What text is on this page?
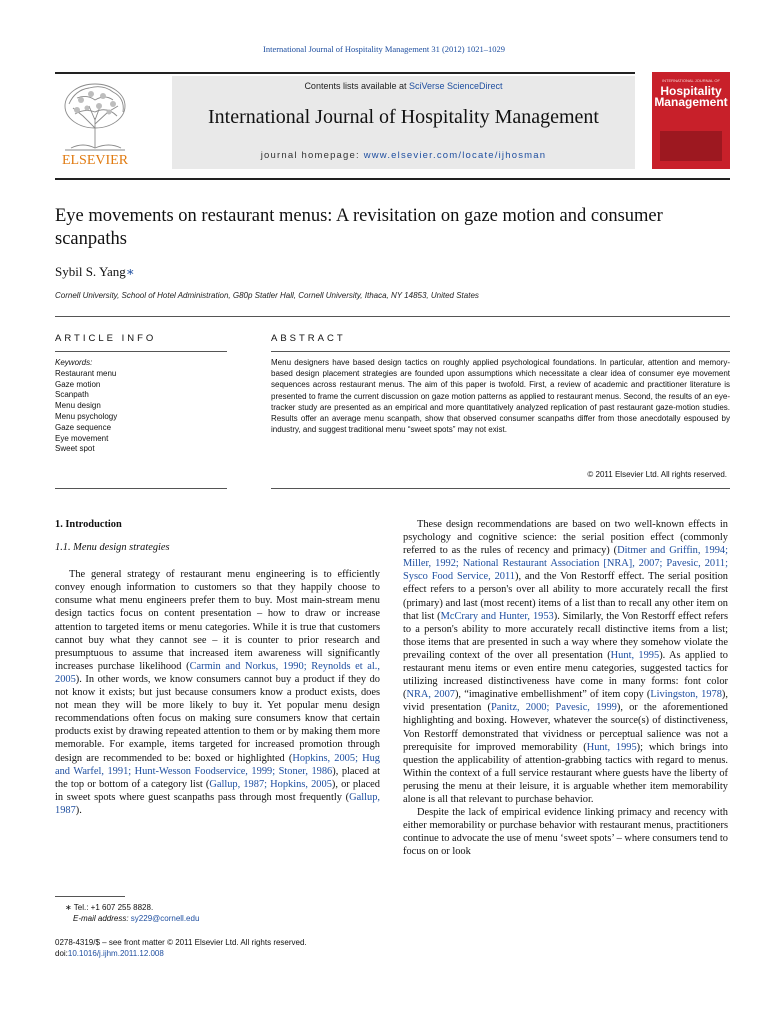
International Journal of Hospitality Management 31 (2012) 1021–1029
ELSEVIER
Contents lists available at SciVerse ScienceDirect
International Journal of Hospitality Management
journal homepage: www.elsevier.com/locate/ijhosman
INTERNATIONAL JOURNAL OF
Hospitality Management
Eye movements on restaurant menus: A revisitation on gaze motion and consumer scanpaths
Sybil S. Yang∗
Cornell University, School of Hotel Administration, G80p Statler Hall, Cornell University, Ithaca, NY 14853, United States
ARTICLE INFO	ABSTRACT
Keywords:
Restaurant menu
Gaze motion
Scanpath
Menu design
Menu psychology
Gaze sequence
Eye movement
Sweet spot
Menu designers have based design tactics on roughly applied psychological foundations. In particular, attention and memory-based design placement strategies are founded upon assumptions which necessitate a clear idea of consumer eye movement sequences across restaurant menus. The aim of this paper is twofold. First, a review of academic and practitioner literature is presented to frame the current discussion on gaze motion patterns as applied to restaurant menus. Second, the results of an eye-tracker study are presented as an empirical and more quantitatively analyzed replication of past restaurant gaze-motion studies. Results offer an average menu scanpath, show that observed consumer scanpaths differ from those anecdotally espoused by industry, and suggest traditional menu “sweet spots” may not exist.
© 2011 Elsevier Ltd. All rights reserved.
1. Introduction
1.1. Menu design strategies

The general strategy of restaurant menu engineering is to efficiently convey enough information to customers so that they happily choose to consume what menu engineers prefer them to buy. Most main-stream menu design tactics focus on content presentation – how to draw or increase attention to targeted items or menu categories. While it is true that customers cannot buy what they cannot see – it is counter to prior research and presumptuous to assume that increased item awareness will significantly increases purchase likelihood (Carmin and Norkus, 1990; Reynolds et al., 2005). In other words, we know consumers cannot buy a product if they do not know it exists; but just because consumers know a product exists, does not mean they will be more likely to buy it. Yet popular menu design recommendations often focus on making sure consumers know that certain products exist by drawing repeated attention to them or by making them more memorable. For example, items targeted for increased promotion through design are recommended to be: boxed or highlighted (Hopkins, 2005; Hug and Warfel, 1991; Hunt-Wesson Foodservice, 1999; Stoner, 1986), placed at the top or bottom of a category list (Gallup, 1987; Hopkins, 2005), or placed in sweet spots where guest scanpaths pass through most frequently (Gallup, 1987).

These design recommendations are based on two well-known effects in psychology and cognitive science: the serial position effect (commonly referred to as the rules of recency and primacy) (Ditmer and Griffin, 1994; Miller, 1992; National Restaurant Association [NRA], 2007; Pavesic, 2011; Sysco Food Service, 2011), and the Von Restorff effect. The serial position effect refers to a person's over all ability to more accurately recall the first (primary) and last (most recent) items of a list than to recall any other item on that list (McCrary and Hunter, 1953). Similarly, the Von Restorff effect refers to a person's ability to more accurately recall distinctive items from a list; those items that are presented in such a way where they somehow violate the prevailing context of the over all presentation (Hunt, 1995). As applied to restaurant menu items or even entire menu categories, suggested tactics for utilizing increased distinctiveness have come in many forms: font color (NRA, 2007), “imaginative embellishment” of item copy (Livingston, 1978), vivid presentation (Panitz, 2000; Pavesic, 1999), or the aforementioned highlighting and boxing. However, whatever the source(s) of distinctiveness, Von Restorff demonstrated that vividness or perceptual salience was not a prerequisite for improved memorability (Hunt, 1995); which brings into question the applicability of attention-grabbing tactics with regard to menus. Within the context of a full service restaurant where guests have the liberty of perusing the menu at their leisure, it is arguable whether item memorability alone is all that relevant to purchase behavior.

Despite the lack of empirical evidence linking primacy and recency with either memorability or purchase behavior with restaurant menus, practitioners continue to advocate the use of menu ‘sweet spots’ – where consumers tend to focus on or look

∗ Tel.: +1 607 255 8828.
E-mail address: sy229@cornell.edu
0278-4319/$ – see front matter © 2011 Elsevier Ltd. All rights reserved.
doi:10.1016/j.ijhm.2011.12.008
